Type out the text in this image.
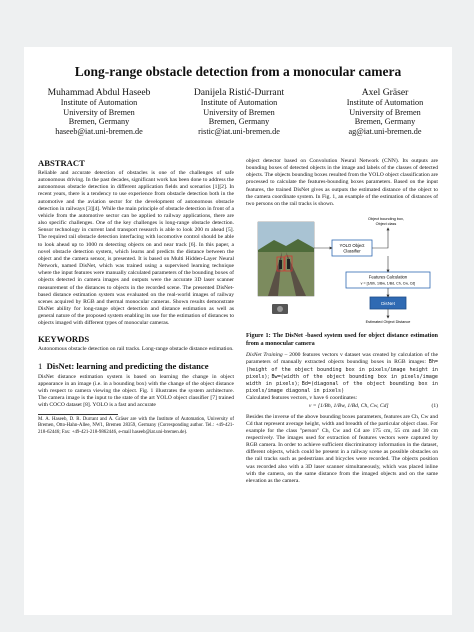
Long-range obstacle detection from a monocular camera
Muhammad Abdul Haseeb
Institute of Automation
University of Bremen
Bremen, Germany
haseeb@iat.uni-bremen.de
Danijela Ristić-Durrant
Institute of Automation
University of Bremen
Bremen, Germany
ristic@iat.uni-bremen.de
Axel Gräser
Institute of Automation
University of Bremen
Bremen, Germany
ag@iat.uni-bremen.de

ABSTRACT

Reliable and accurate detection of obstacles is one of the challenges of safe autonomous driving. In the past decades, significant work has been done to address the autonomous obstacle detection in different application fields and scenarios [1][2]. In recent years, there is a tendency to use experience from obstacle detection both in the automotive and the aviation sector for the development of autonomous obstacle detection in railways [3][4]. While the main principle of obstacle detection in front of a vehicle from the automotive sector can be applied to railway applications, there are also specific challenges. One of the key challenges is long-range obstacle detection. Sensor technology in current land transport research is able to look 200 m ahead [5]. The required rail obstacle detection interfacing with locomotive control should be able to look ahead up to 1000 m detecting objects on and near track [6]. In this paper, a novel obstacle detection system, which learns and predicts the distance between the object and the camera sensor, is presented. It is based on Multi Hidden-Layer Neural Network, named DisNet, which was trained using a supervised learning technique where the input features were manually calculated parameters of the bounding boxes of objects detected in camera images and outputs were the accurate 3D laser scanner measurement of the distances to objects in the recorded scene. The presented DisNet-based distance estimation system was evaluated on the real-world images of railway scenes acquired by RGB and thermal monocular cameras. Shown results demonstrate DisNet ability for long-range object detection and distance estimation as well as general nature of the proposed system enabling its use for the estimation of distances to objects imaged with different types of monocular cameras.

KEYWORDS

Autonomous obstacle detection on rail tracks. Long-range obstacle distance estimation.

1 DisNet: learning and predicting the distance

DisNet distance estimation system is based on learning the change in object appearance in an image (i.e. in a bounding box) with the change of the object distance with respect to camera viewing the object. Fig. 1 illustrates the system architecture. The camera image is the input to the state of the art YOLO object classifier [7] trained with COCO dataset [8]. YOLO is a fast and accurate

M. A. Haseeb, D. R. Durrant and A. Gräser are with the Institute of Automation, University of Bremen, Otto-Hahn-Allee, NW1, Bremen 28359, Germany (Corresponding author. Tel.: +49-421-218-62446; Fax: +49-421-218-9862446, e-mail haseeb@iat.uni-bremen.de).

object detector based on Convolution Neural Network (CNN). Its outputs are bounding boxes of detected objects in the image and labels of the classes of detected objects. The objects bounding boxes resulted from the YOLO object classification are processed to calculate the features-bounding boxes parameters. Based on the input features, the trained DisNet gives as outputs the estimated distance of the object to the camera coordinate system. In Fig. 1, an example of the estimation of distances of two persons on the rail tracks is shown.

YOLO Object
Classifier
Object bounding box,
Object class
Features Calculation
v = [1/Bh, 1/Bw, 1/Bd, Ch, Cw, Cd]
DisNet
Estimated Object Distance

Figure 1: The DisNet -based system used for object distance estimation from a monocular camera

DisNet Training – 2000 features vectors v dataset was created by calculation of the parameters of manually extracted objects bounding boxes in RGB images: Bh=(height of the object bounding box in pixels/image height in pixels); Bw=(width of the object bounding box in pixels/image width in pixels); Bd=(diagonal of the object bounding box in pixels/image diagonal in pixels)

Calculated features vectors, v have 6 coordinates:

v = [1/Bh, 1/Bw, 1/Bd, Ch, Cw, Cd]	(1)

Besides the inverse of the above bounding boxes parameters, features are Ch, Cw and Cd that represent average height, width and breadth of the particular object class. For example for the class "person" Ch, Cw and Cd are 175 cm, 55 cm and 30 cm respectively. The images used for extraction of features vectors were captured by RGB camera. In order to achieve sufficient discriminatory information in the dataset, different objects, which could be present in a railway scene as possible obstacles on the rail tracks such as pedestrians and bicycles were recorded. The objects position was recorded also with a 3D laser scanner simultaneously, which was placed inline with the camera, on the same distance from the imaged objects and on the same elevation as the camera.
